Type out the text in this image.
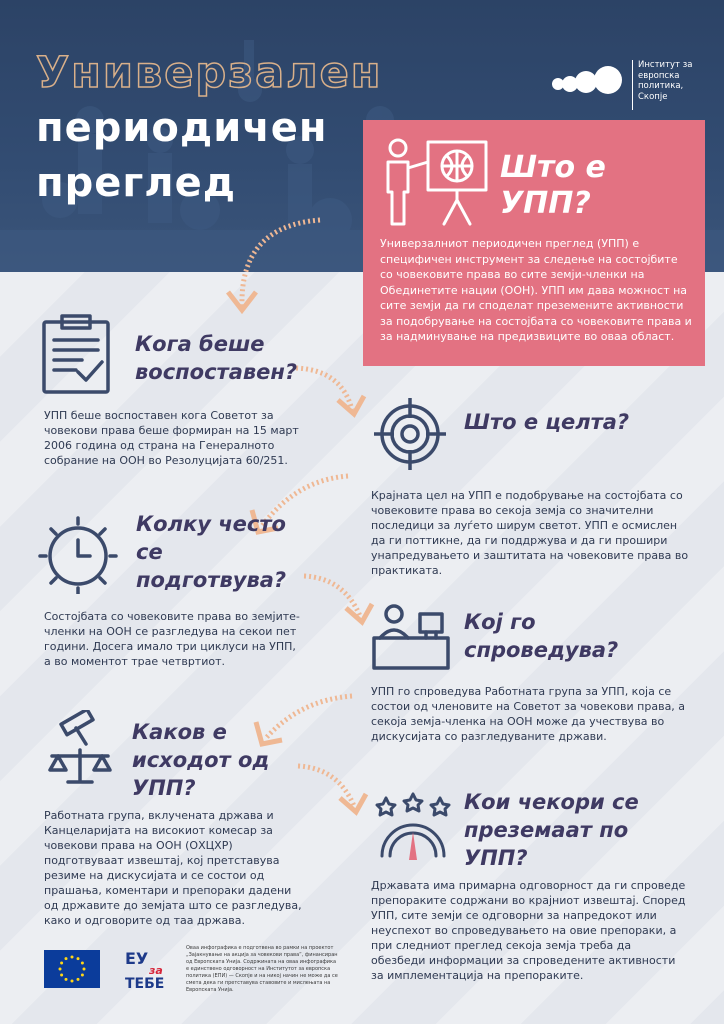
Универзален
периодичен
преглед
Институт за европска политика, Скопје
Што е УПП?
Универзалниот периодичен преглед (УПП) е специфичен инструмент за следење на состојбите со човековите права во сите земји-членки на Обединетите нации (ООН). УПП им дава можност на сите земји да ги споделат преземените активности за подобрување на состојбата со човековите права и за надминување на предизвиците во оваа област.
Кога беше воспоставен?
УПП беше воспоставен кога Советот за човекови права беше формиран на 15 март 2006 година од страна на Генералното собрание на ООН во Резолуцијата 60/251.
Што е целта?
Крајната цел на УПП е подобрување на состојбата со човековите права во секоја земја со значителни последици за луѓето ширум светот. УПП е осмислен да ги поттикне, да ги поддржува и да ги прошири унапредувањето и заштитата на човековите права во практиката.
Колку често се подготвува?
Состојбата со човековите права во земјите-членки на ООН се разгледува на секои пет години. Досега имало три циклуси на УПП, а во моментот трае четвртиот.
Кој го спроведува?
УПП го спроведува Работната група за УПП, која се состои од членовите на Советот за човекови права, а секоја земја-членка на ООН може да учествува во дискусијата со разгледуваните држави.
Каков е исходот од УПП?
Работната група, вклучената држава и Канцеларијата на високиот комесар за човекови права на ООН (ОХЦХР) подготвуваат извештај, кој претставува резиме на дискусијата и се состои од прашања, коментари и препораки дадени од државите до земјата што се разгледува, како и одговорите од таа држава.
Кои чекори се преземаат по УПП?
Државата има примарна одговорност да ги спроведе препораките содржани во крајниот извештај. Според УПП, сите земји се одговорни за напредокот или неуспехот во спроведувањето на овие препораки, а при следниот преглед секоја земја треба да обезбеди информации за спроведените активности за имплементација на препораките.
ЕУ
за
ТЕБЕ
Оваа инфографика е подготвена во рамки на проектот „Зајакнување на акција за човекови права“, финансиран од Европската Унија. Содржината на оваа инфографика е единствено одговорност на Институтот за европска политика (ЕПИ) — Скопје и на никој начин не може да се смета дека ги претставува ставовите и мислењата на Европската Унија.
